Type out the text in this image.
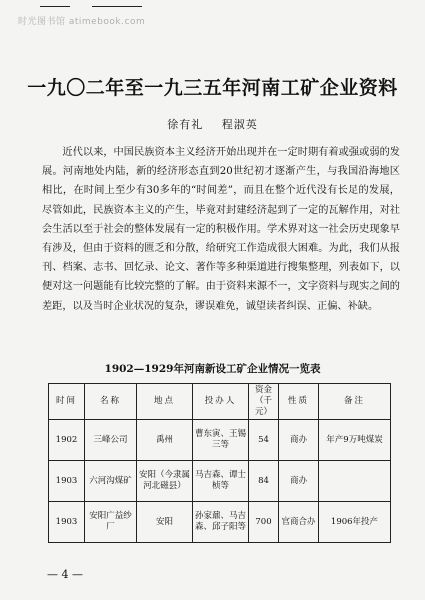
时光图书馆 atimebook.com
一九〇二年至一九三五年河南工矿企业资料
徐有礼 程淑英
近代以来，中国民族资本主义经济开始出现并在一定时期有着或强或弱的发展。河南地处内陆，新的经济形态直到20世纪初才逐渐产生，与我国沿海地区相比，在时间上至少有30多年的“时间差”，而且在整个近代没有长足的发展，尽管如此，民族资本主义的产生，毕竟对封建经济起到了一定的瓦解作用，对社会生活以至于社会的整体发展有一定的积极作用。学术界对这一社会历史现象早有涉及，但由于资料的匮乏和分散，给研究工作造成很大困难。为此，我们从报刊、档案、志书、回忆录、论文、著作等多种渠道进行搜集整理，列表如下，以便对这一问题能有比较完整的了解。由于资料来源不一，文字资料与现实之间的差距，以及当时企业状况的复杂，谬误难免，诚望读者纠误、正偏、补缺。
1902—1929年河南新设工矿企业情况一览表
时间	名称	地点	投办人	资金（千元）	性质	备注
1902	三峰公司	禹州	曹东寅、王锡三等	54	商办	年产9万吨煤炭
1903	六河沟煤矿	安阳（今隶属河北磁县）	马吉森、谭士桢等	84	商办	
1903	安阳广益纱厂	安阳	孙家鼐、马吉森、邱子阳等	700	官商合办	1906年投产
— 4 —
